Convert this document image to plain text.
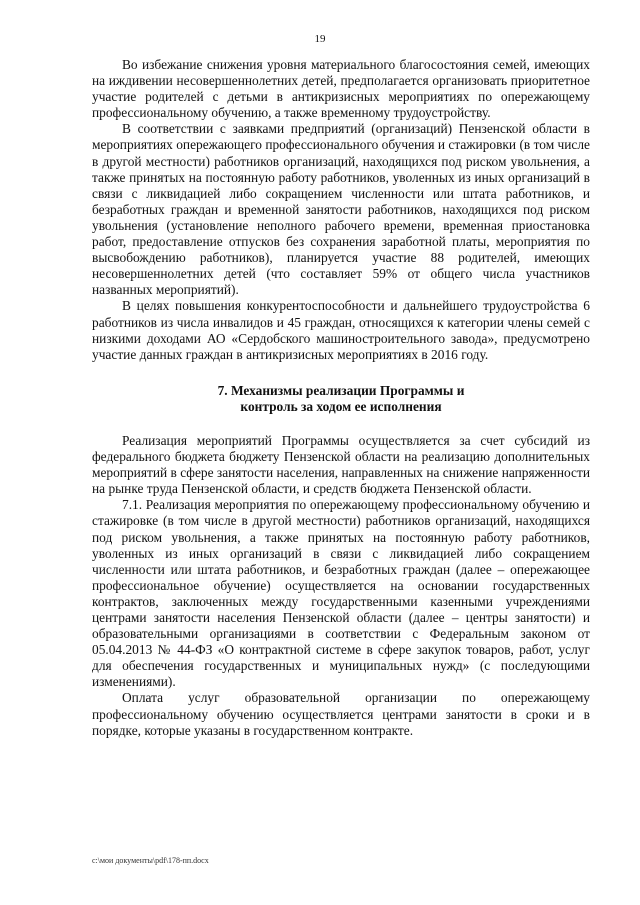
19

Во избежание снижения уровня материального благосостояния семей, имеющих на иждивении несовершеннолетних детей, предполагается организовать приоритетное участие родителей с детьми в антикризисных мероприятиях по опережающему профессиональному обучению, а также временному трудоустройству.

В соответствии с заявками предприятий (организаций) Пензенской области в мероприятиях опережающего профессионального обучения и стажировки (в том числе в другой местности) работников организаций, находящихся под риском увольнения, а также принятых на постоянную работу работников, уволенных из иных организаций в связи с ликвидацией либо сокращением численности или штата работников, и безработных граждан и временной занятости работников, находящихся под риском увольнения (установление неполного рабочего времени, временная приостановка работ, предоставление отпусков без сохранения заработной платы, мероприятия по высвобождению работников), планируется участие 88 родителей, имеющих несовершеннолетних детей (что составляет 59% от общего числа участников названных мероприятий).

В целях повышения конкурентоспособности и дальнейшего трудоустройства 6 работников из числа инвалидов и 45 граждан, относящихся к категории члены семей с низкими доходами АО «Сердобского машиностроительного завода», предусмотрено участие данных граждан в антикризисных мероприятиях в 2016 году.

7. Механизмы реализации Программы и
контроль за ходом ее исполнения

Реализация мероприятий Программы осуществляется за счет субсидий из федерального бюджета бюджету Пензенской области на реализацию дополнительных мероприятий в сфере занятости населения, направленных на снижение напряженности на рынке труда Пензенской области, и средств бюджета Пензенской области.

7.1. Реализация мероприятия по опережающему профессиональному обучению и стажировке (в том числе в другой местности) работников организаций, находящихся под риском увольнения, а также принятых на постоянную работу работников, уволенных из иных организаций в связи с ликвидацией либо сокращением численности или штата работников, и безработных граждан (далее – опережающее профессиональное обучение) осуществляется на основании государственных контрактов, заключенных между государственными казенными учреждениями центрами занятости населения Пензенской области (далее – центры занятости) и образовательными организациями в соответствии с Федеральным законом от 05.04.2013 № 44-ФЗ «О контрактной системе в сфере закупок товаров, работ, услуг для обеспечения государственных и муниципальных нужд» (с последующими изменениями).

Оплата услуг образовательной организации по опережающему профессиональному обучению осуществляется центрами занятости в сроки и в порядке, которые указаны в государственном контракте.

c:\мои документы\pdf\178-пп.docx
